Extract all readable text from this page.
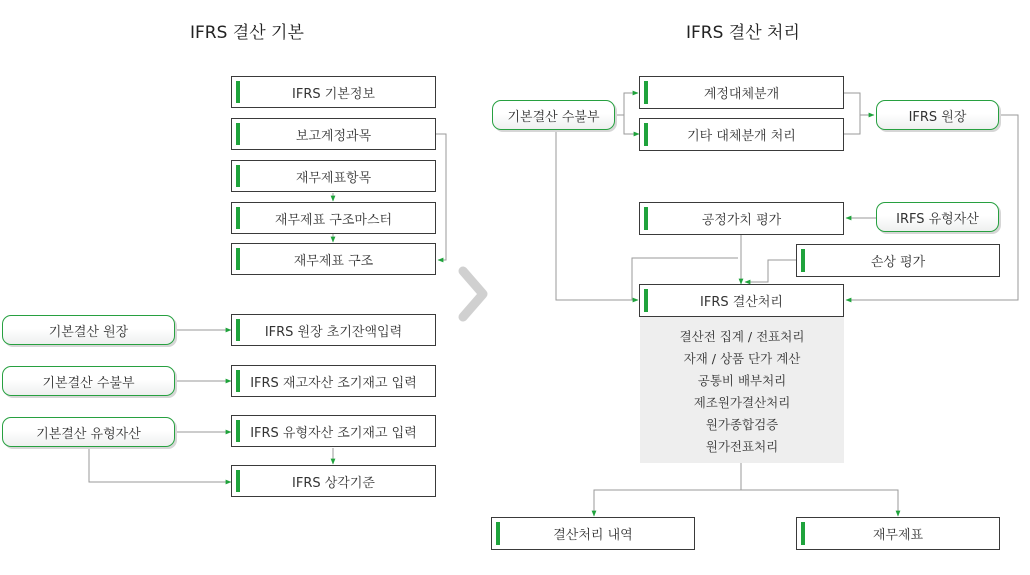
IFRS 결산 기본	IFRS 결산 처리
IFRS 기본정보
보고계정과목
재무제표항목
재무제표 구조마스터
재무제표 구조
기본결산 원장
기본결산 수불부
기본결산 유형자산
IFRS 원장 초기잔액입력
IFRS 재고자산 조기재고 입력
IFRS 유형자산 조기재고 입력
IFRS 상각기준
기본결산 수불부
계정대체분개
기타 대체분개 처리
IFRS 원장
공정가치 평가	IRFS 유형자산
손상 평가
IFRS 결산처리
결산전 집계 / 전표처리
자재 / 상품 단가 계산
공통비 배부처리
제조원가결산처리
원가종합검증
원가전표처리
결산처리 내역	재무제표
